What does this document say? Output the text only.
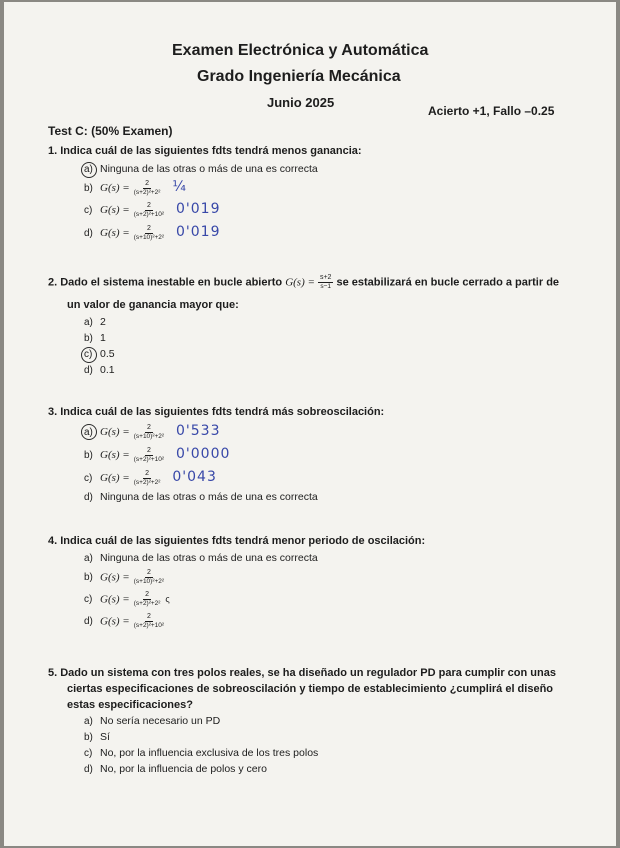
Examen Electrónica y Automática
Grado Ingeniería Mecánica
Junio 2025
Acierto +1, Fallo –0.25
Test C: (50% Examen)
1. Indica cuál de las siguientes fdts tendrá menos ganancia:
a) Ninguna de las otras o más de una es correcta
b) $G(s) = \frac{2}{\text{(s+2)²+2²}}$ ¼
c) $G(s) = \frac{2}{\text{(s+2)²+10²}} 0'019$
d) $G(s) = \frac{2}{\text{(s+10)²+2²}} 0'019$
2. Dado el sistema inestable en bucle abierto $G(s) = \frac{s+2}{s-1}$ se estabilizará en bucle cerrado a partir de
un valor de ganancia mayor que:
a) 2
b) 1
c) 0.5
d) 0.1
3. Indica cuál de las siguientes fdts tendrá más sobreoscilación:
a) $G(s) = \frac{2}{\text{(s+10)²+2²}} 0'533$
b) $G(s) = \frac{2}{\text{(s+2)²+10²}} 0'0000$
c) $G(s) = \frac{2}{\text{(s+2)²+2²}} 0'043$
d) Ninguna de las otras o más de una es correcta
4. Indica cuál de las siguientes fdts tendrá menor periodo de oscilación:
a) Ninguna de las otras o más de una es correcta
b) $G(s) = \frac{2}{\text{(s+10)²+2²}}$
c) $G(s) = \frac{2}{\text{(s+2)²+2²}}$ ς
d) $G(s) = \frac{2}{\text{(s+2)²+10²}}$
5. Dado un sistema con tres polos reales, se ha diseñado un regulador PD para cumplir con unas
ciertas especificaciones de sobreoscilación y tiempo de establecimiento ¿cumplirá el diseño
estas especificaciones?
a) No sería necesario un PD
b) Sí
c) No, por la influencia exclusiva de los tres polos
d) No, por la influencia de polos y cero
